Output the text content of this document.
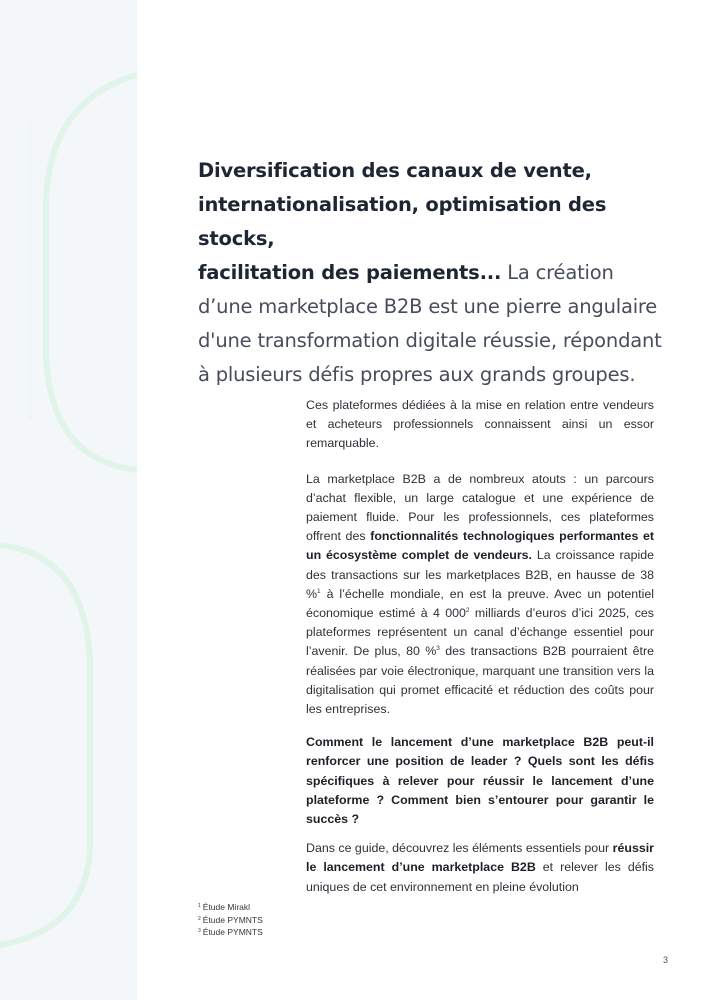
Diversification des canaux de vente,
internationalisation, optimisation des stocks,
facilitation des paiements... La création d’une marketplace B2B est une pierre angulaire d'une transformation digitale réussie, répondant à plusieurs défis propres aux grands groupes.

Ces plateformes dédiées à la mise en relation entre vendeurs et acheteurs professionnels connaissent ainsi un essor remarquable.

La marketplace B2B a de nombreux atouts : un parcours d’achat flexible, un large catalogue et une expérience de paiement fluide. Pour les professionnels, ces plateformes offrent des fonctionnalités technologiques performantes et un écosystème complet de vendeurs. La croissance rapide des transactions sur les marketplaces B2B, en hausse de 38 %$^1$ à l’échelle mondiale, en est la preuve. Avec un potentiel économique estimé à 4 $000^2$ milliards d’euros d’ici 2025, ces plateformes représentent un canal d’échange essentiel pour l’avenir. De plus, 80 %$^3$ des transactions B2B pourraient être réalisées par voie électronique, marquant une transition vers la digitalisation qui promet efficacité et réduction des coûts pour les entreprises.

Comment le lancement d’une marketplace B2B peut-il renforcer une position de leader ? Quels sont les défis spécifiques à relever pour réussir le lancement d’une plateforme ? Comment bien s’entourer pour garantir le succès ?

Dans ce guide, découvrez les éléments essentiels pour réussir le lancement d’une marketplace B2B et relever les défis uniques de cet environnement en pleine évolution

$^1$ Étude Mirakl
$^2$ Étude PYMNTS
$^3$ Étude PYMNTS
3
